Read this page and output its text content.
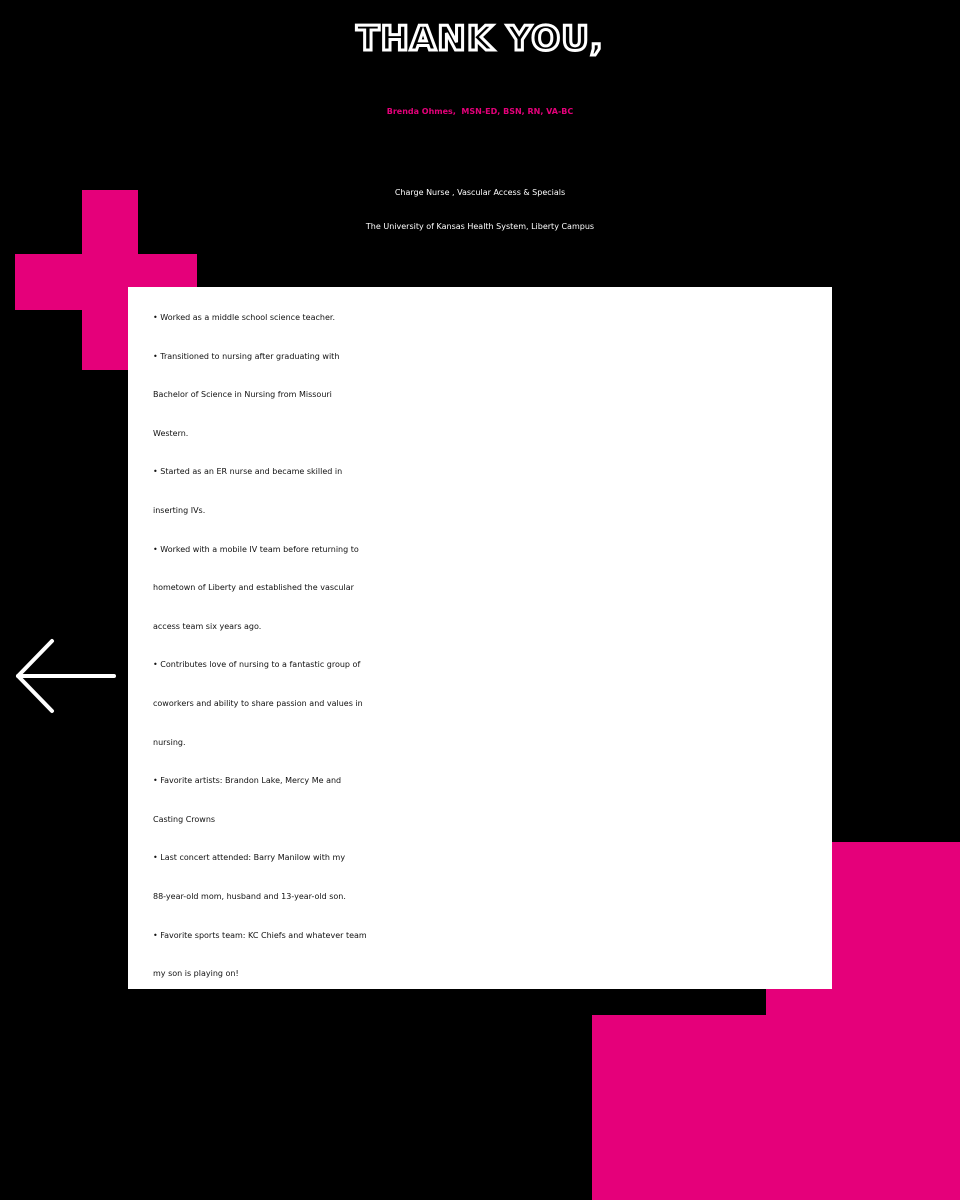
THANK YOU,
Brenda Ohmes,  MSN-ED, BSN, RN, VA-BC
Charge Nurse , Vascular Access & Specials
The University of Kansas Health System, Liberty Campus
• Worked as a middle school science teacher.
• Transitioned to nursing after graduating with
Bachelor of Science in Nursing from Missouri
Western.
• Started as an ER nurse and became skilled in
inserting IVs.
• Worked with a mobile IV team before returning to
hometown of Liberty and established the vascular
access team six years ago.
• Contributes love of nursing to a fantastic group of
coworkers and ability to share passion and values in
nursing.
• Favorite artists: Brandon Lake, Mercy Me and
Casting Crowns
• Last concert attended: Barry Manilow with my
88-year-old mom, husband and 13-year-old son.
• Favorite sports team: KC Chiefs and whatever team
my son is playing on!
